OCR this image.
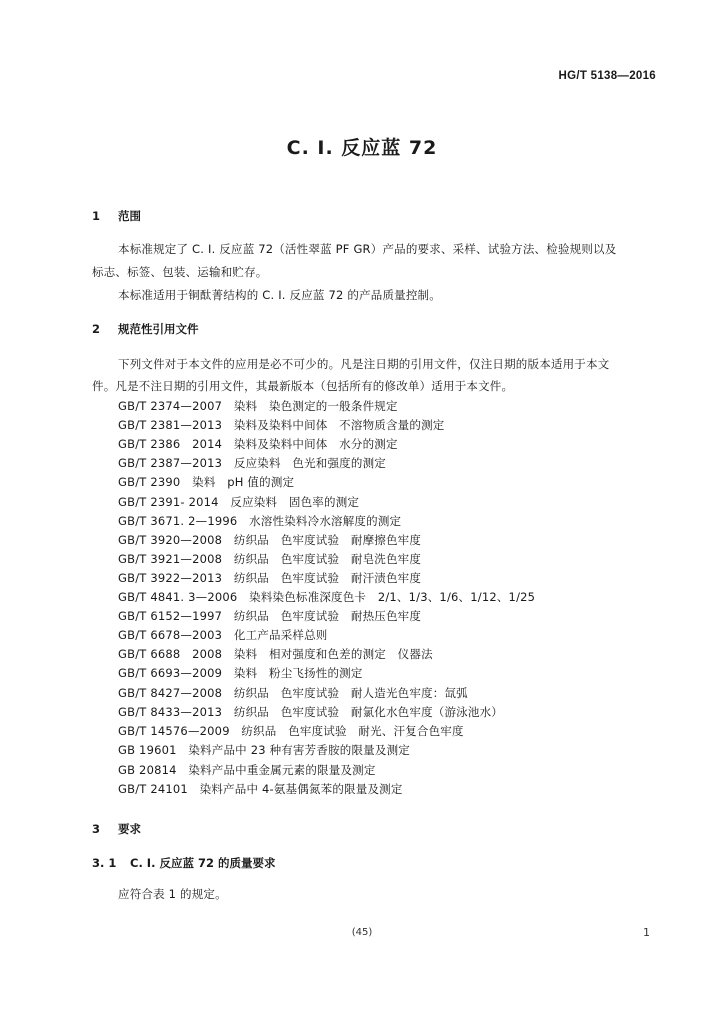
HG/T 5138—2016
C. I. 反应蓝 72
1 范围
本标准规定了 C. I. 反应蓝 72（活性翠蓝 PF GR）产品的要求、采样、试验方法、检验规则以及
标志、标签、包装、运输和贮存。
本标准适用于铜酞菁结构的 C. I. 反应蓝 72 的产品质量控制。
2 规范性引用文件
下列文件对于本文件的应用是必不可少的。凡是注日期的引用文件，仅注日期的版本适用于本文
件。凡是不注日期的引用文件，其最新版本（包括所有的修改单）适用于本文件。
GB/T 2374—2007　染料　染色测定的一般条件规定
GB/T 2381—2013　染料及染料中间体　不溶物质含量的测定
GB/T 2386　2014　染料及染料中间体　水分的测定
GB/T 2387—2013　反应染料　色光和强度的测定
GB/T 2390　染料　pH 值的测定
GB/T 2391- 2014　反应染料　固色率的测定
GB/T 3671. 2—1996　水溶性染料冷水溶解度的测定
GB/T 3920—2008　纺织品　色牢度试验　耐摩擦色牢度
GB/T 3921—2008　纺织品　色牢度试验　耐皂洗色牢度
GB/T 3922—2013　纺织品　色牢度试验　耐汗渍色牢度
GB/T 4841. 3—2006　染料染色标准深度色卡　2/1、1/3、1/6、1/12、1/25
GB/T 6152—1997　纺织品　色牢度试验　耐热压色牢度
GB/T 6678—2003　化工产品采样总则
GB/T 6688　2008　染料　相对强度和色差的测定　仪器法
GB/T 6693—2009　染料　粉尘飞扬性的测定
GB/T 8427—2008　纺织品　色牢度试验　耐人造光色牢度：氙弧
GB/T 8433—2013　纺织品　色牢度试验　耐氯化水色牢度（游泳池水）
GB/T 14576—2009　纺织品　色牢度试验　耐光、汗复合色牢度
GB 19601　染料产品中 23 种有害芳香胺的限量及测定
GB 20814　染料产品中重金属元素的限量及测定
GB/T 24101　染料产品中 4-氨基偶氮苯的限量及测定
3 要求
3. 1 C. I. 反应蓝 72 的质量要求
应符合表 1 的规定。
(45)	1
